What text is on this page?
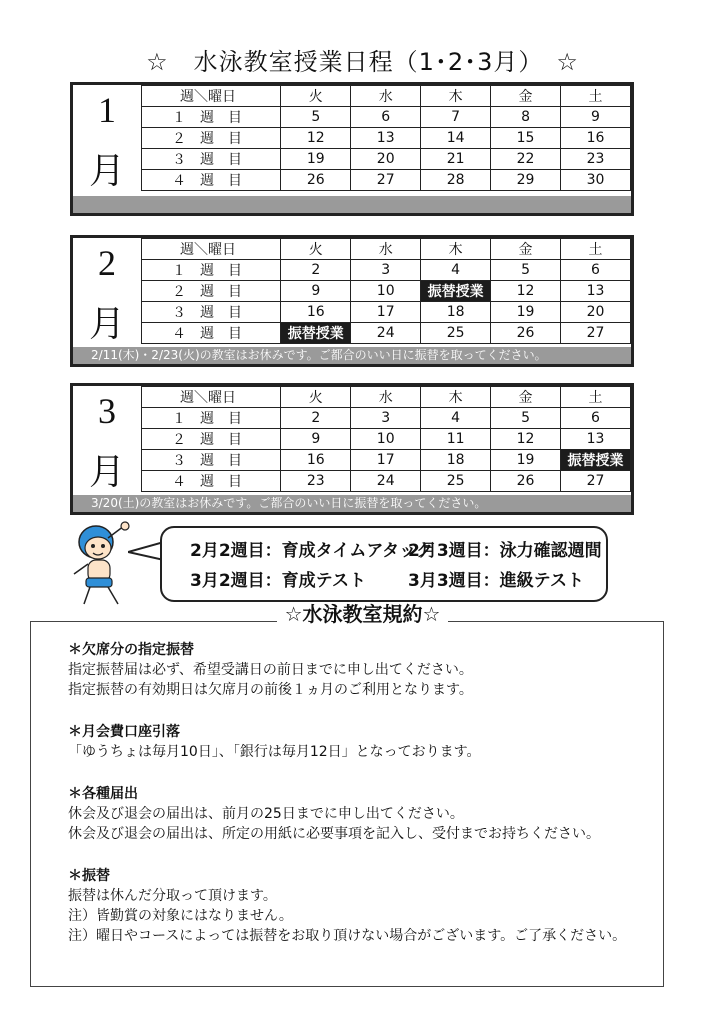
☆　水泳教室授業日程（1･2･3月）　☆
1
月
週＼曜日	火	水	木	金	土
１　週　目	5	6	7	8	9
２　週　目	12	13	14	15	16
３　週　目	19	20	21	22	23
４　週　目	26	27	28	29	30
2
月
週＼曜日	火	水	木	金	土
１　週　目	2	3	4	5	6
２　週　目	9	10	振替授業	12	13
３　週　目	16	17	18	19	20
４　週　目	振替授業	24	25	26	27
2/11(木)・2/23(火)の教室はお休みです。ご都合のいい日に振替を取ってください。
3
月
週＼曜日	火	水	木	金	土
１　週　目	2	3	4	5	6
２　週　目	9	10	11	12	13
３　週　目	16	17	18	19	振替授業
４　週　目	23	24	25	26	27
3/20(土)の教室はお休みです。ご都合のいい日に振替を取ってください。
2月2週目：育成タイムアタック
2月3週目：泳力確認週間
3月2週目：育成テスト 3月3週目：進級テスト
☆水泳教室規約☆

＊欠席分の指定振替

指定振替届は必ず、希望受講日の前日までに申し出てください。

指定振替の有効期日は欠席月の前後１ヵ月のご利用となります。

＊月会費口座引落

「ゆうちょは毎月10日」、「銀行は毎月12日」となっております。

＊各種届出

休会及び退会の届出は、前月の25日までに申し出てください。

休会及び退会の届出は、所定の用紙に必要事項を記入し、受付までお持ちください。

＊振替

振替は休んだ分取って頂けます。

注）皆勤賞の対象にはなりません。

注）曜日やコースによっては振替をお取り頂けない場合がございます。ご了承ください。
